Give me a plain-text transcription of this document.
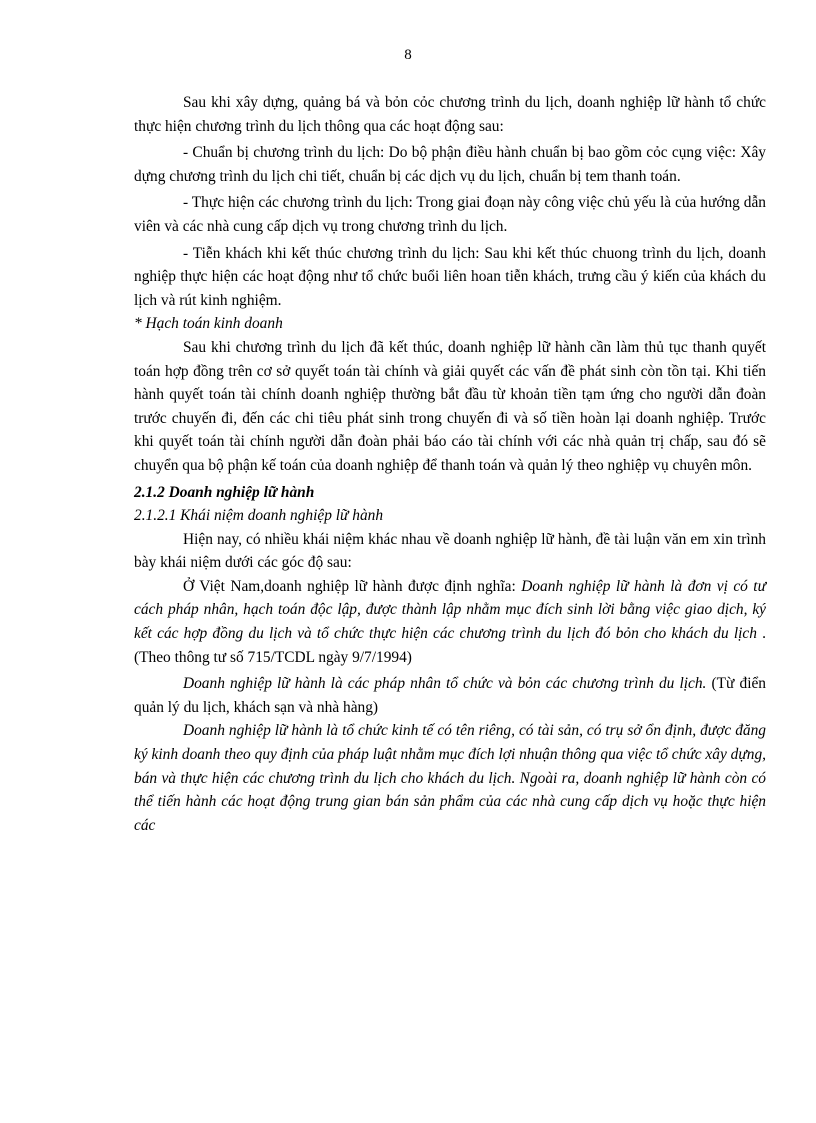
8

Sau khi xây dựng, quảng bá và bỏn cỏc chương trình du lịch, doanh nghiệp lữ hành tổ chức thực hiện chương trình du lịch thông qua các hoạt động sau:

- Chuẩn bị chương trình du lịch: Do bộ phận điều hành chuẩn bị bao gồm cỏc cụng việc: Xây dựng chương trình du lịch chi tiết, chuẩn bị các dịch vụ du lịch, chuẩn bị tem thanh toán.

- Thực hiện các chương trình du lịch: Trong giai đoạn này công việc chủ yếu là của hướng dẫn viên và các nhà cung cấp dịch vụ trong chương trình du lịch.

- Tiễn khách khi kết thúc chương trình du lịch: Sau khi kết thúc chuong trình du lịch, doanh nghiệp thực hiện các hoạt động như tổ chức buổi liên hoan tiễn khách, trưng cầu ý kiến của khách du lịch và rút kinh nghiệm.

* Hạch toán kinh doanh

Sau khi chương trình du lịch đã kết thúc, doanh nghiệp lữ hành cần làm thủ tục thanh quyết toán hợp đồng trên cơ sở quyết toán tài chính và giải quyết các vấn đề phát sinh còn tồn tại. Khi tiến hành quyết toán tài chính doanh nghiệp thường bắt đầu từ khoản tiền tạm ứng cho người dẫn đoàn trước chuyến đi, đến các chi tiêu phát sinh trong chuyến đi và số tiền hoàn lại doanh nghiệp. Trước khi quyết toán tài chính người dẫn đoàn phải báo cáo tài chính với các nhà quản trị chấp, sau đó sẽ chuyển qua bộ phận kế toán của doanh nghiệp để thanh toán và quản lý theo nghiệp vụ chuyên môn.

2.1.2 Doanh nghiệp lữ hành

2.1.2.1 Khái niệm doanh nghiệp lữ hành

Hiện nay, có nhiều khái niệm khác nhau về doanh nghiệp lữ hành, đề tài luận văn em xin trình bày khái niệm dưới các góc độ sau:

Ở Việt Nam,doanh nghiệp lữ hành được định nghĩa: Doanh nghiệp lữ hành là đơn vị có tư cách pháp nhân, hạch toán độc lập, được thành lập nhằm mục đích sinh lời bằng việc giao dịch, ký kết các hợp đồng du lịch và tổ chức thực hiện các chương trình du lịch đó bỏn cho khách du lịch .(Theo thông tư số 715/TCDL ngày 9/7/1994)

Doanh nghiệp lữ hành là các pháp nhân tổ chức và bỏn các chương trình du lịch. (Từ điển quản lý du lịch, khách sạn và nhà hàng)

Doanh nghiệp lữ hành là tổ chức kinh tế có tên riêng, có tài sản, có trụ sở ổn định, được đăng ký kinh doanh theo quy định của pháp luật nhằm mục đích lợi nhuận thông qua việc tổ chức xây dựng, bán và thực hiện các chương trình du lịch cho khách du lịch. Ngoài ra, doanh nghiệp lữ hành còn có thể tiến hành các hoạt động trung gian bán sản phẩm của các nhà cung cấp dịch vụ hoặc thực hiện các
